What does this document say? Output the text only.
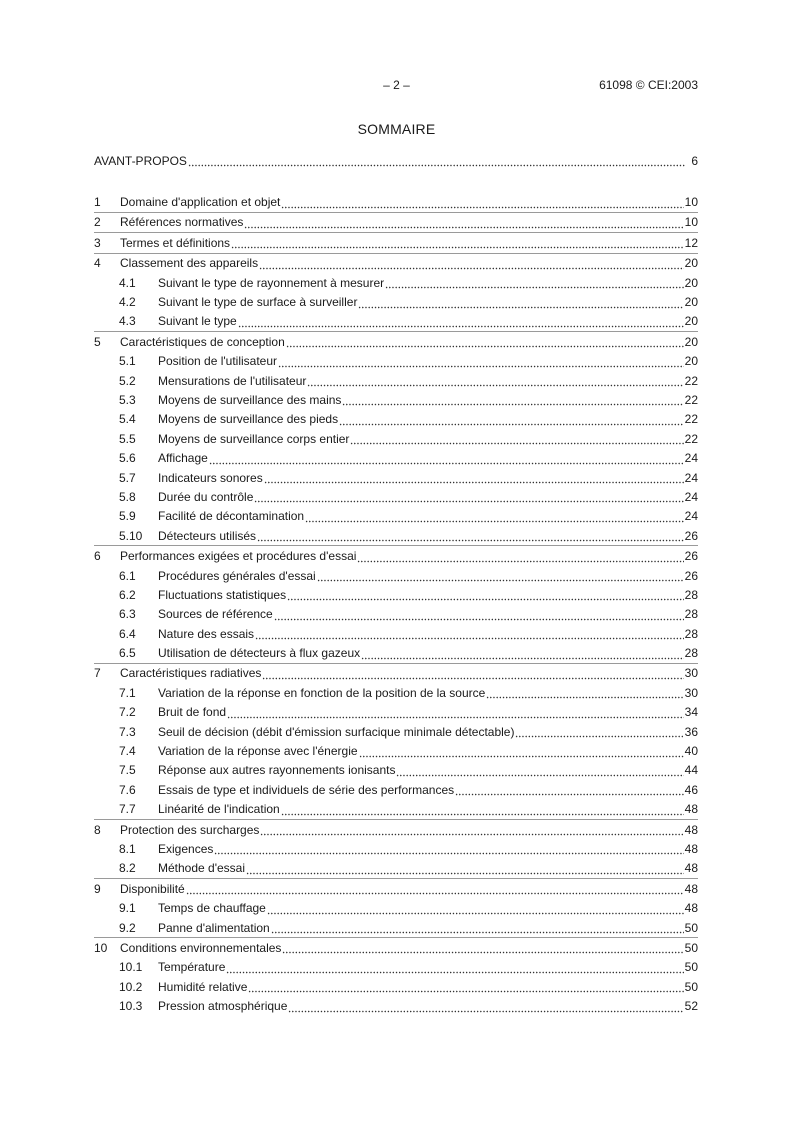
– 2 –	61098 © CEI:2003
SOMMAIRE
AVANT-PROPOS	6
1	Domaine d'application et objet	10
2	Références normatives	10
3	Termes et définitions	12
4	Classement des appareils	20
4.1	Suivant le type de rayonnement à mesurer	20
4.2	Suivant le type de surface à surveiller	20
4.3	Suivant le type	20
5	Caractéristiques de conception	20
5.1	Position de l'utilisateur	20
5.2	Mensurations de l'utilisateur	22
5.3	Moyens de surveillance des mains	22
5.4	Moyens de surveillance des pieds	22
5.5	Moyens de surveillance corps entier	22
5.6	Affichage	24
5.7	Indicateurs sonores	24
5.8	Durée du contrôle	24
5.9	Facilité de décontamination	24
5.10	Détecteurs utilisés	26
6	Performances exigées et procédures d'essai	26
6.1	Procédures générales d'essai	26
6.2	Fluctuations statistiques	28
6.3	Sources de référence	28
6.4	Nature des essais	28
6.5	Utilisation de détecteurs à flux gazeux	28
7	Caractéristiques radiatives	30
7.1	Variation de la réponse en fonction de la position de la source	30
7.2	Bruit de fond	34
7.3	Seuil de décision (débit d'émission surfacique minimale détectable)	36
7.4	Variation de la réponse avec l'énergie	40
7.5	Réponse aux autres rayonnements ionisants	44
7.6	Essais de type et individuels de série des performances	46
7.7	Linéarité de l'indication	48
8	Protection des surcharges	48
8.1	Exigences	48
8.2	Méthode d'essai	48
9	Disponibilité	48
9.1	Temps de chauffage	48
9.2	Panne d'alimentation	50
10	Conditions environnementales	50
10.1	Température	50
10.2	Humidité relative	50
10.3	Pression atmosphérique	52
